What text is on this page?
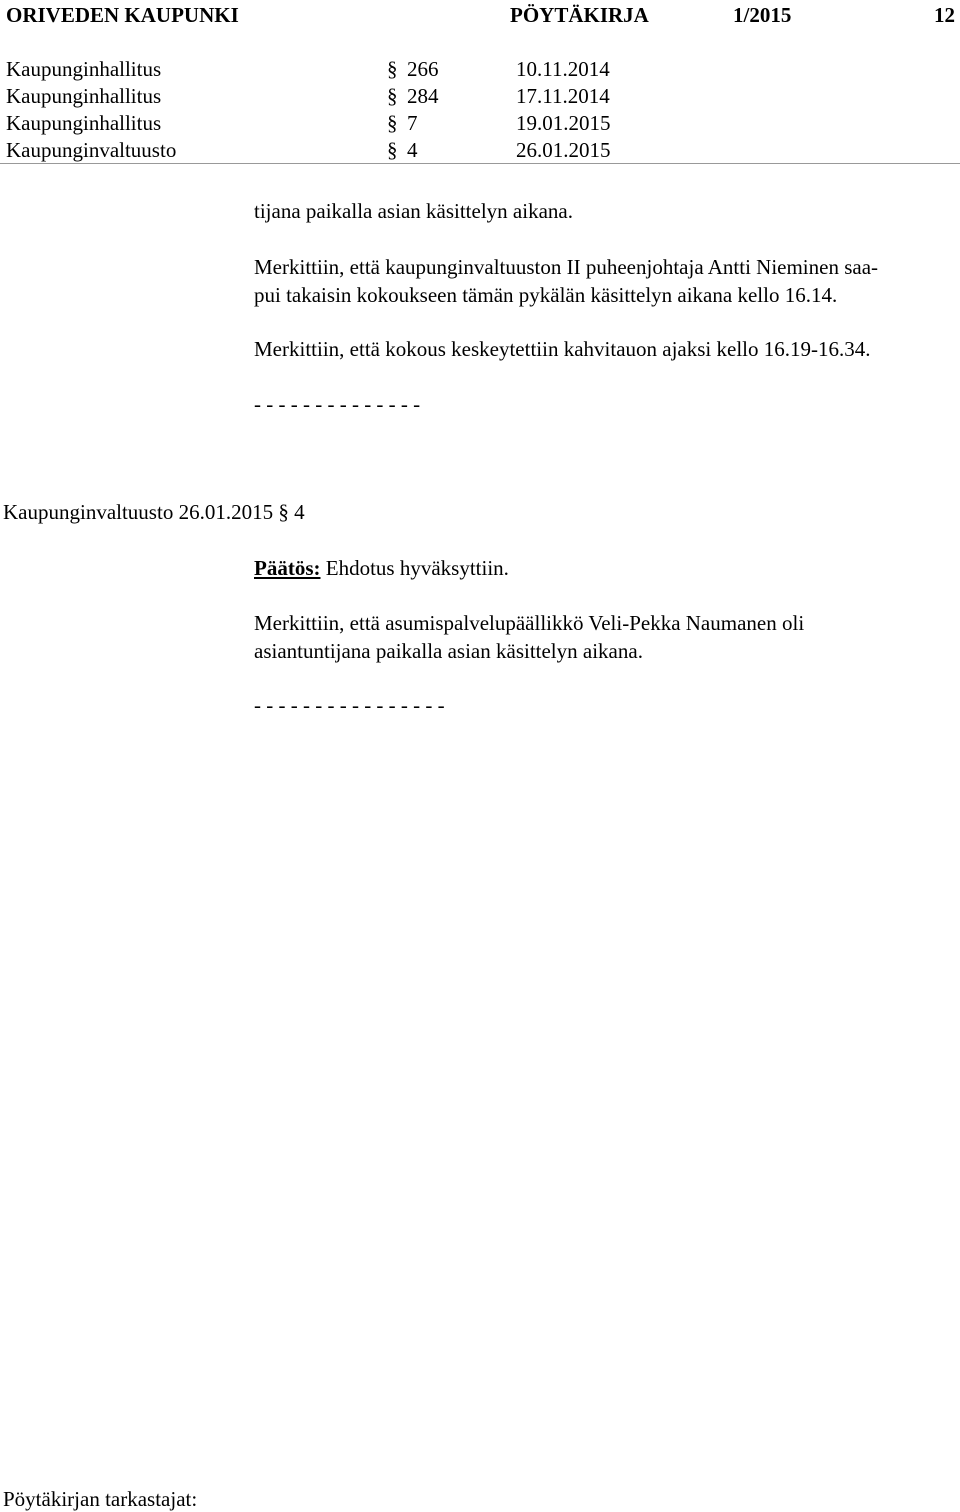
ORIVEDEN KAUPUNKI	PÖYTÄKIRJA	1/2015	12
Kaupunginhallitus	§ 266	10.11.2014
Kaupunginhallitus	§ 284	17.11.2014
Kaupunginhallitus	§ 7	19.01.2015
Kaupunginvaltuusto	§ 4	26.01.2015
tijana paikalla asian käsittelyn aikana.
Merkittiin, että kaupunginvaltuuston II puheenjohtaja Antti Nieminen saa-
pui takaisin kokoukseen tämän pykälän käsittelyn aikana kello 16.14.
Merkittiin, että kokous keskeytettiin kahvitauon ajaksi kello 16.19-16.34.
- - - - - - - - - - - - - -
Kaupunginvaltuusto 26.01.2015 § 4
Päätös: Ehdotus hyväksyttiin.
Merkittiin, että asumispalvelupäällikkö Veli-Pekka Naumanen oli
asiantuntijana paikalla asian käsittelyn aikana.
- - - - - - - - - - - - - - - -
Pöytäkirjan tarkastajat:
